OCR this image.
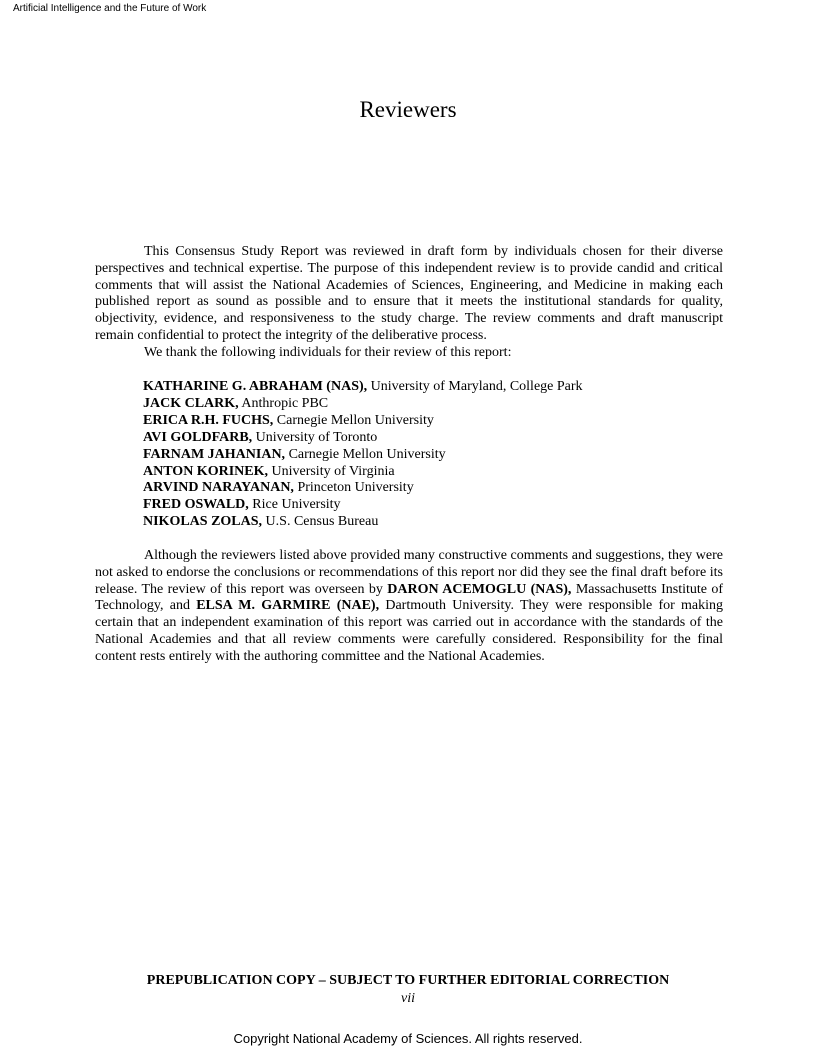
Artificial Intelligence and the Future of Work
Reviewers

This Consensus Study Report was reviewed in draft form by individuals chosen for their diverse perspectives and technical expertise. The purpose of this independent review is to provide candid and critical comments that will assist the National Academies of Sciences, Engineering, and Medicine in making each published report as sound as possible and to ensure that it meets the institutional standards for quality, objectivity, evidence, and responsiveness to the study charge. The review comments and draft manuscript remain confidential to protect the integrity of the deliberative process.

We thank the following individuals for their review of this report:

KATHARINE G. ABRAHAM (NAS), University of Maryland, College Park
JACK CLARK, Anthropic PBC
ERICA R.H. FUCHS, Carnegie Mellon University
AVI GOLDFARB, University of Toronto
FARNAM JAHANIAN, Carnegie Mellon University
ANTON KORINEK, University of Virginia
ARVIND NARAYANAN, Princeton University
FRED OSWALD, Rice University
NIKOLAS ZOLAS, U.S. Census Bureau

Although the reviewers listed above provided many constructive comments and suggestions, they were not asked to endorse the conclusions or recommendations of this report nor did they see the final draft before its release. The review of this report was overseen by DARON ACEMOGLU (NAS), Massachusetts Institute of Technology, and ELSA M. GARMIRE (NAE), Dartmouth University. They were responsible for making certain that an independent examination of this report was carried out in accordance with the standards of the National Academies and that all review comments were carefully considered. Responsibility for the final content rests entirely with the authoring committee and the National Academies.

PREPUBLICATION COPY – SUBJECT TO FURTHER EDITORIAL CORRECTION
vii
Copyright National Academy of Sciences. All rights reserved.
